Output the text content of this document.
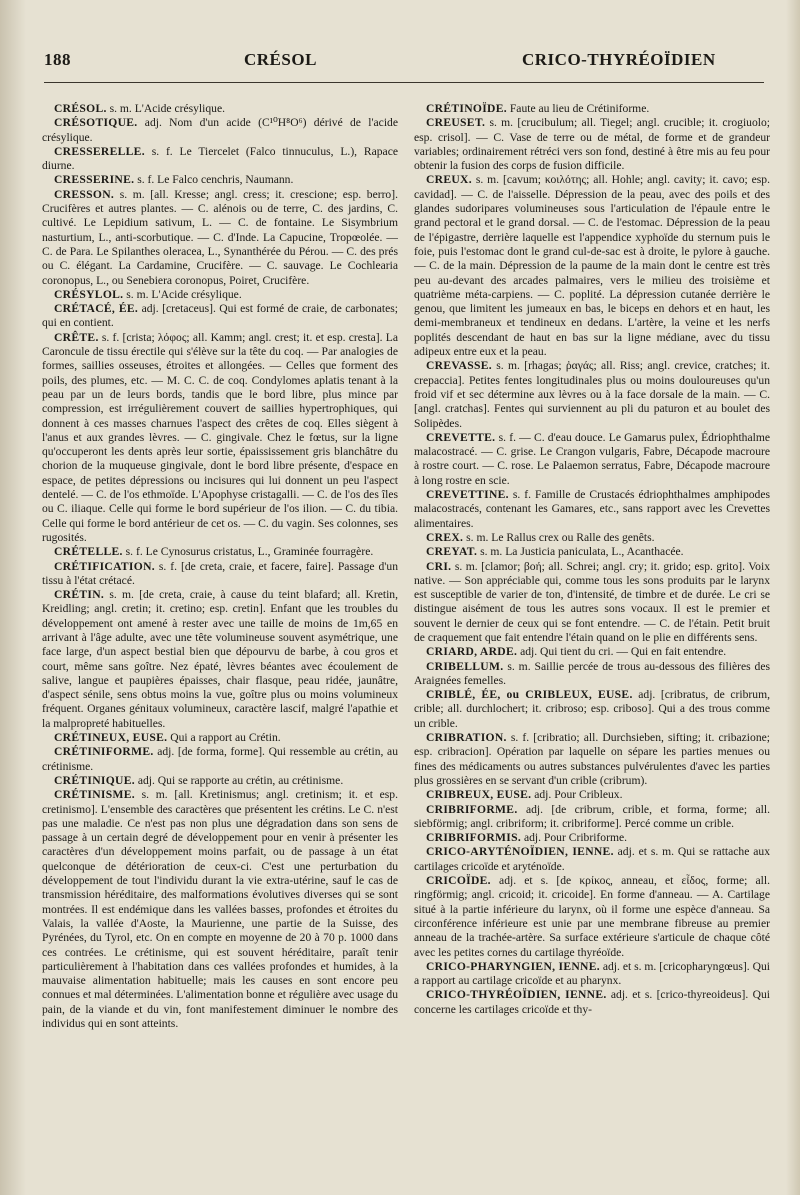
188	CRÉSOL	CRICO-THYRÉOÏDIEN

CRÉSOL. s. m. L'Acide crésylique.

CRÉSOTIQUE. adj. Nom d'un acide (C¹⁰H⁸O⁶) dérivé de l'acide crésylique.

CRESSERELLE. s. f. Le Tiercelet (Falco tinnuculus, L.), Rapace diurne.

CRESSERINE. s. f. Le Falco cenchris, Naumann.

CRESSON. s. m. [all. Kresse; angl. cress; it. crescione; esp. berro]. Crucifères et autres plantes. — C. alénois ou de terre, C. des jardins, C. cultivé. Le Lepidium sativum, L. — C. de fontaine. Le Sisymbrium nasturtium, L., anti-scorbutique. — C. d'Inde. La Capucine, Tropœolée. — C. de Para. Le Spilanthes oleracea, L., Synanthérée du Pérou. — C. des prés ou C. élégant. La Cardamine, Crucifère. — C. sauvage. Le Cochlearia coronopus, L., ou Senebiera coronopus, Poiret, Crucifère.

CRÉSYLOL. s. m. L'Acide crésylique.

CRÉTACÉ, ÉE. adj. [cretaceus]. Qui est formé de craie, de carbonates; qui en contient.

CRÊTE. s. f. [crista; λόφος; all. Kamm; angl. crest; it. et esp. cresta]. La Caroncule de tissu érectile qui s'élève sur la tête du coq. — Par analogies de formes, saillies osseuses, étroites et allongées. — Celles que forment des poils, des plumes, etc. — M. C. C. de coq. Condylomes aplatis tenant à la peau par un de leurs bords, tandis que le bord libre, plus mince par compression, est irrégulièrement couvert de saillies hypertrophiques, qui donnent à ces masses charnues l'aspect des crêtes de coq. Elles siègent à l'anus et aux grandes lèvres. — C. gingivale. Chez le fœtus, sur la ligne qu'occuperont les dents après leur sortie, épaississement gris blanchâtre du chorion de la muqueuse gingivale, dont le bord libre présente, d'espace en espace, de petites dépressions ou incisures qui lui donnent un peu l'aspect dentelé. — C. de l'os ethmoïde. L'Apophyse cristagalli. — C. de l'os des îles ou C. iliaque. Celle qui forme le bord supérieur de l'os ilion. — C. du tibia. Celle qui forme le bord antérieur de cet os. — C. du vagin. Ses colonnes, ses rugosités.

CRÉTELLE. s. f. Le Cynosurus cristatus, L., Graminée fourragère.

CRÉTIFICATION. s. f. [de creta, craie, et facere, faire]. Passage d'un tissu à l'état crétacé.

CRÉTIN. s. m. [de creta, craie, à cause du teint blafard; all. Kretin, Kreidling; angl. cretin; it. cretino; esp. cretin]. Enfant que les troubles du développement ont amené à rester avec une taille de moins de 1m,65 en arrivant à l'âge adulte, avec une tête volumineuse souvent asymétrique, une face large, d'un aspect bestial bien que dépourvu de barbe, à cou gros et court, même sans goître. Nez épaté, lèvres béantes avec écoulement de salive, langue et paupières épaisses, chair flasque, peau ridée, jaunâtre, d'aspect sénile, sens obtus moins la vue, goître plus ou moins volumineux fréquent. Organes génitaux volumineux, caractère lascif, malgré l'apathie et la malpropreté habituelles.

CRÉTINEUX, EUSE. Qui a rapport au Crétin.

CRÉTINIFORME. adj. [de forma, forme]. Qui ressemble au crétin, au crétinisme.

CRÉTINIQUE. adj. Qui se rapporte au crétin, au crétinisme.

CRÉTINISME. s. m. [all. Kretinismus; angl. cretinism; it. et esp. cretinismo]. L'ensemble des caractères que présentent les crétins. Le C. n'est pas une maladie. Ce n'est pas non plus une dégradation dans son sens de passage à un certain degré de développement pour en venir à présenter les caractères d'un développement moins parfait, ou de passage à un état quelconque de détérioration de ceux-ci. C'est une perturbation du développement de tout l'individu durant la vie extra-utérine, sauf le cas de transmission héréditaire, des malformations évolutives diverses qui se sont montrées. Il est endémique dans les vallées basses, profondes et étroites du Valais, la vallée d'Aoste, la Maurienne, une partie de la Suisse, des Pyrénées, du Tyrol, etc. On en compte en moyenne de 20 à 70 p. 1000 dans ces contrées. Le crétinisme, qui est souvent héréditaire, paraît tenir particulièrement à l'habitation dans ces vallées profondes et humides, à la mauvaise alimentation habituelle; mais les causes en sont encore peu connues et mal déterminées. L'alimentation bonne et régulière avec usage du pain, de la viande et du vin, font manifestement diminuer le nombre des individus qui en sont atteints.

CRÉTINOÏDE. Faute au lieu de Crétiniforme.

CREUSET. s. m. [crucibulum; all. Tiegel; angl. crucible; it. crogiuolo; esp. crisol]. — C. Vase de terre ou de métal, de forme et de grandeur variables; ordinairement rétréci vers son fond, destiné à être mis au feu pour obtenir la fusion des corps de fusion difficile.

CREUX. s. m. [cavum; κοιλότης; all. Hohle; angl. cavity; it. cavo; esp. cavidad]. — C. de l'aisselle. Dépression de la peau, avec des poils et des glandes sudoripares volumineuses sous l'articulation de l'épaule entre le grand pectoral et le grand dorsal. — C. de l'estomac. Dépression de la peau de l'épigastre, derrière laquelle est l'appendice xyphoïde du sternum puis le foie, puis l'estomac dont le grand cul-de-sac est à droite, le pylore à gauche. — C. de la main. Dépression de la paume de la main dont le centre est très peu au-devant des arcades palmaires, vers le milieu des troisième et quatrième méta-carpiens. — C. poplité. La dépression cutanée derrière le genou, que limitent les jumeaux en bas, le biceps en dehors et en haut, les demi-membraneux et tendineux en dedans. L'artère, la veine et les nerfs poplités descendant de haut en bas sur la ligne médiane, avec du tissu adipeux entre eux et la peau.

CREVASSE. s. m. [rhagas; ῥαγάς; all. Riss; angl. crevice, cratches; it. crepaccia]. Petites fentes longitudinales plus ou moins douloureuses qu'un froid vif et sec détermine aux lèvres ou à la face dorsale de la main. — C. [angl. cratchas]. Fentes qui surviennent au pli du paturon et au boulet des Solipèdes.

CREVETTE. s. f. — C. d'eau douce. Le Gamarus pulex, Édriophthalme malacostracé. — C. grise. Le Crangon vulgaris, Fabre, Décapode macroure à rostre court. — C. rose. Le Palaemon serratus, Fabre, Décapode macroure à long rostre en scie.

CREVETTINE. s. f. Famille de Crustacés édriophthalmes amphipodes malacostracés, contenant les Gamares, etc., sans rapport avec les Crevettes alimentaires.

CREX. s. m. Le Rallus crex ou Ralle des genêts.

CREYAT. s. m. La Justicia paniculata, L., Acanthacée.

CRI. s. m. [clamor; βοή; all. Schrei; angl. cry; it. grido; esp. grito]. Voix native. — Son appréciable qui, comme tous les sons produits par le larynx est susceptible de varier de ton, d'intensité, de timbre et de durée. Le cri se distingue aisément de tous les autres sons vocaux. Il est le premier et souvent le dernier de ceux qui se font entendre. — C. de l'étain. Petit bruit de craquement que fait entendre l'étain quand on le plie en différents sens.

CRIARD, ARDE. adj. Qui tient du cri. — Qui en fait entendre.

CRIBELLUM. s. m. Saillie percée de trous au-dessous des filières des Araignées femelles.

CRIBLÉ, ÉE, ou CRIBLEUX, EUSE. adj. [cribratus, de cribrum, crible; all. durchlochert; it. cribroso; esp. criboso]. Qui a des trous comme un crible.

CRIBRATION. s. f. [cribratio; all. Durchsieben, sifting; it. cribazione; esp. cribracion]. Opération par laquelle on sépare les parties menues ou fines des médicaments ou autres substances pulvérulentes d'avec les parties plus grossières en se servant d'un crible (cribrum).

CRIBREUX, EUSE. adj. Pour Cribleux.

CRIBRIFORME. adj. [de cribrum, crible, et forma, forme; all. siebförmig; angl. cribriform; it. cribriforme]. Percé comme un crible.

CRIBRIFORMIS. adj. Pour Cribriforme.

CRICO-ARYTÉNOÏDIEN, IENNE. adj. et s. m. Qui se rattache aux cartilages cricoïde et aryténoïde.

CRICOÏDE. adj. et s. [de κρίκος, anneau, et εἶδος, forme; all. ringförmig; angl. cricoid; it. cricoide]. En forme d'anneau. — A. Cartilage situé à la partie inférieure du larynx, où il forme une espèce d'anneau. Sa circonférence inférieure est unie par une membrane fibreuse au premier anneau de la trachée-artère. Sa surface extérieure s'articule de chaque côté avec les petites cornes du cartilage thyréoïde.

CRICO-PHARYNGIEN, IENNE. adj. et s. m. [cricopharyngœus]. Qui a rapport au cartilage cricoïde et au pharynx.

CRICO-THYRÉOÏDIEN, IENNE. adj. et s. [crico-thyreoideus]. Qui concerne les cartilages cricoïde et thy-
